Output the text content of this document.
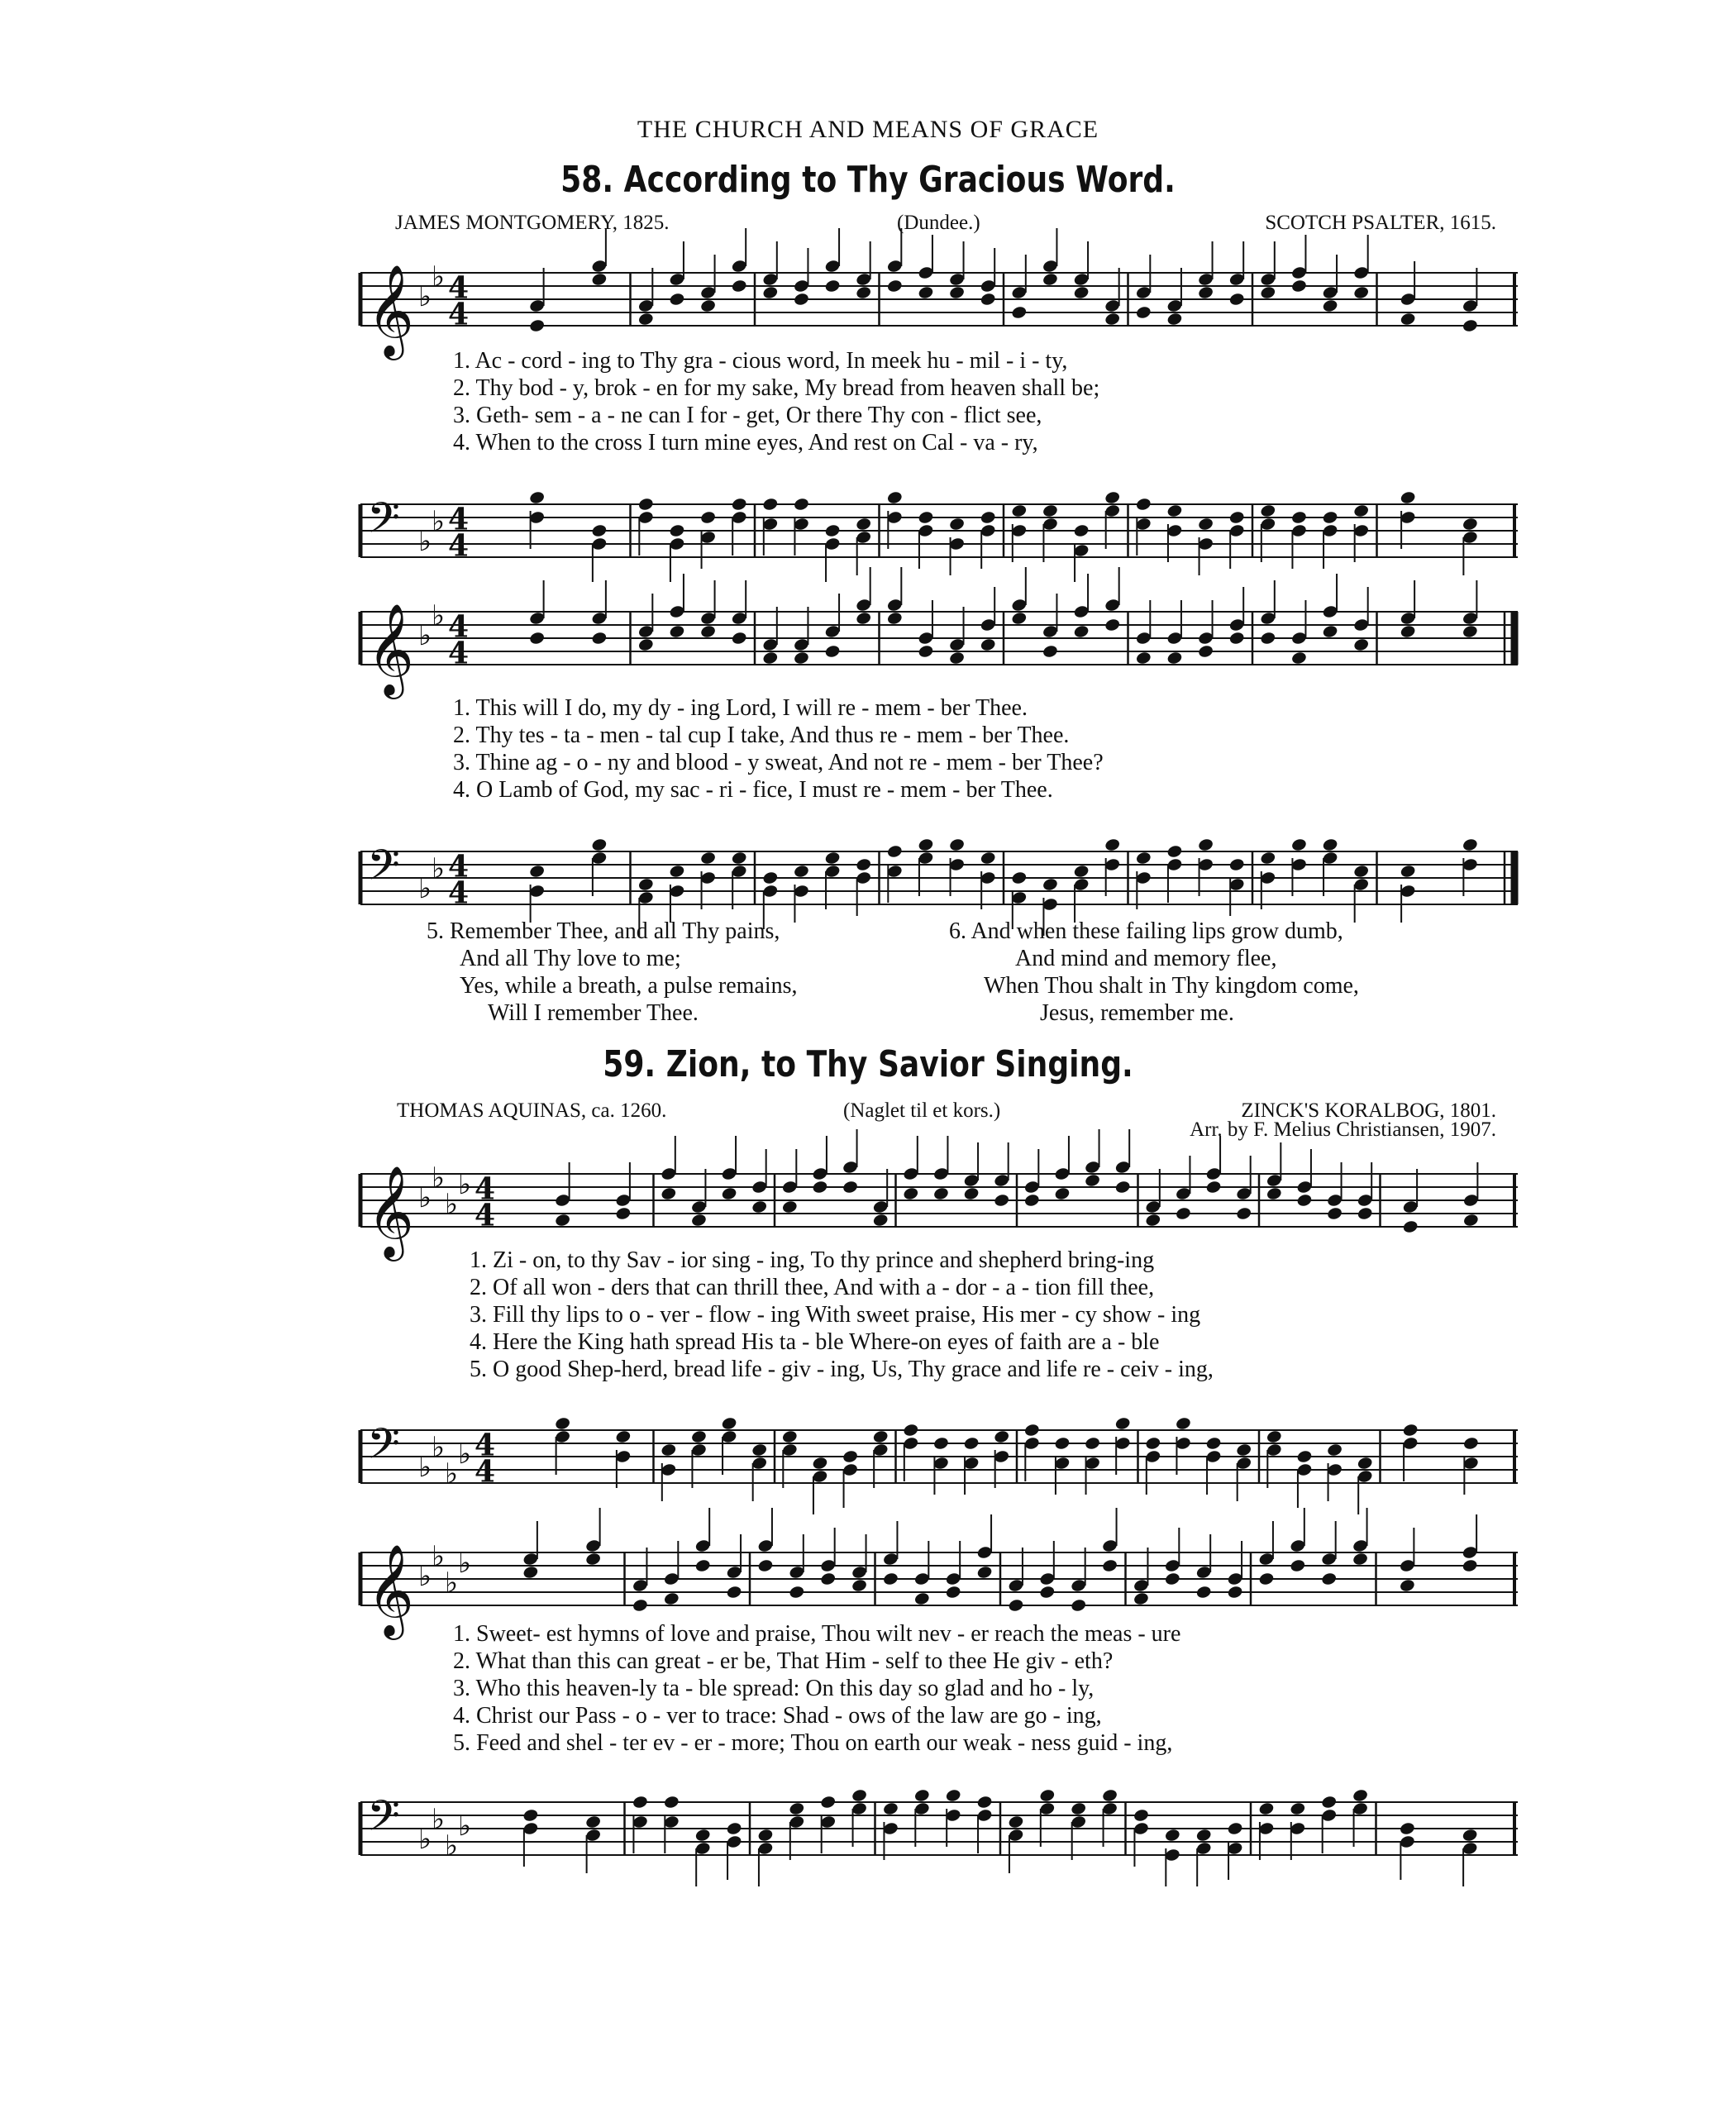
THE CHURCH AND MEANS OF GRACE
58. According to Thy Gracious Word.
JAMES MONTGOMERY, 1825.	(Dundee.)	SCOTCH PSALTER, 1615.
𝄞 ♭
♭ 4
4
1. Ac - cord - ing to Thy gra - cious word, In meek hu - mil - i - ty,
2. Thy bod - y, brok - en for my sake, My bread from heaven shall be;
3. Geth- sem - a - ne can I for - get, Or there Thy con - flict see,
4. When to the cross I turn mine eyes, And rest on Cal - va - ry,
𝄢 ♭
♭ 4
4
𝄞 ♭
♭ 4
4
1. This will I do, my dy - ing Lord, I will re - mem - ber Thee.
2. Thy tes - ta - men - tal cup I take, And thus re - mem - ber Thee.
3. Thine ag - o - ny and blood - y sweat, And not re - mem - ber Thee?
4. O Lamb of God, my sac - ri - fice, I must re - mem - ber Thee.
𝄢 ♭
♭ 4
4
5. Remember Thee, and all Thy pains,
And all Thy love to me;
Yes, while a breath, a pulse remains,
Will I remember Thee.
6. And when these failing lips grow dumb,
And mind and memory flee,
When Thou shalt in Thy kingdom come,
Jesus, remember me.
59. Zion, to Thy Savior Singing.
THOMAS AQUINAS, ca. 1260.	(Naglet til et kors.)	ZINCK'S KORALBOG, 1801.
Arr. by F. Melius Christiansen, 1907.
𝄞 ♭
♭
♭
♭ 4
4
1. Zi - on, to thy Sav - ior sing - ing, To thy prince and shepherd bring-ing
2. Of all won - ders that can thrill thee, And with a - dor - a - tion fill thee,
3. Fill thy lips to o - ver - flow - ing With sweet praise, His mer - cy show - ing
4. Here the King hath spread His ta - ble Where-on eyes of faith are a - ble
5. O good Shep-herd, bread life - giv - ing, Us, Thy grace and life re - ceiv - ing,
𝄢 ♭
♭
♭
♭ 4
4
𝄞 ♭
♭
♭
♭
1. Sweet- est hymns of love and praise, Thou wilt nev - er reach the meas - ure
2. What than this can great - er be, That Him - self to thee He giv - eth?
3. Who this heaven-ly ta - ble spread: On this day so glad and ho - ly,
4. Christ our Pass - o - ver to trace: Shad - ows of the law are go - ing,
5. Feed and shel - ter ev - er - more; Thou on earth our weak - ness guid - ing,
𝄢 ♭
♭
♭
♭
